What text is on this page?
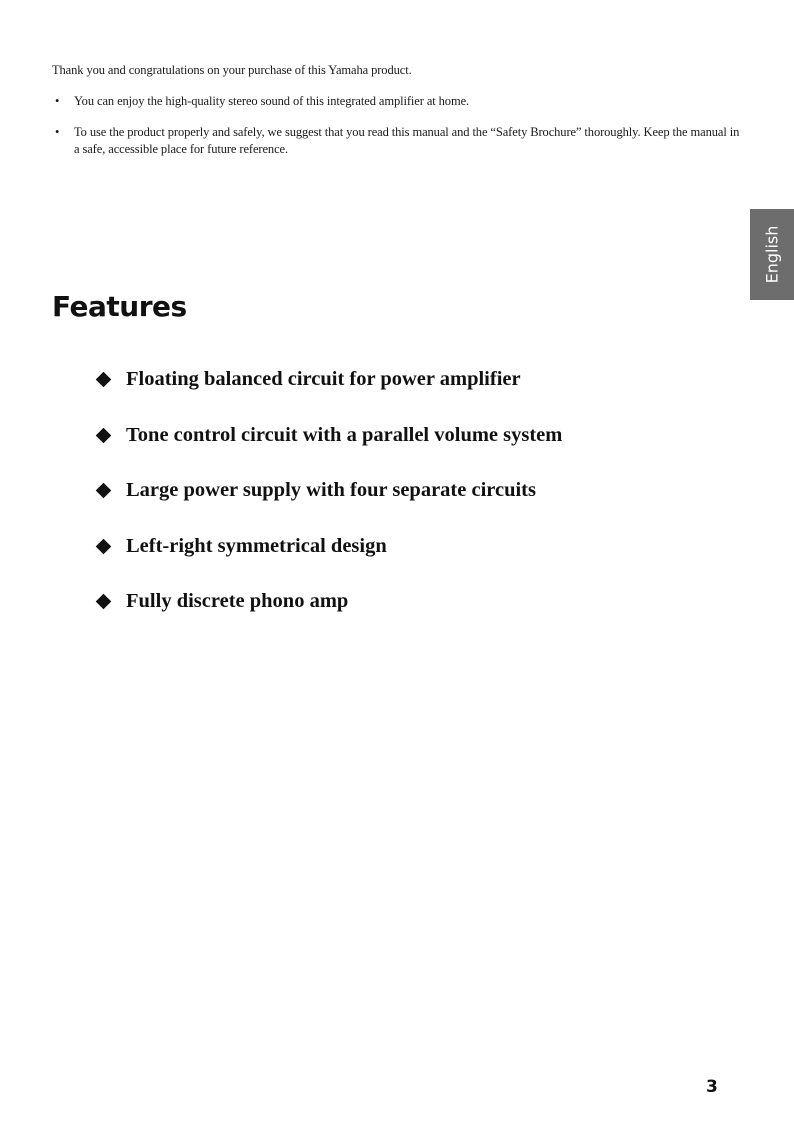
Thank you and congratulations on your purchase of this Yamaha product.

• You can enjoy the high-quality stereo sound of this integrated amplifier at home.
• To use the product properly and safely, we suggest that you read this manual and the “Safety Brochure” thoroughly. Keep the manual in a safe, accessible place for future reference.
English
Features
Floating balanced circuit for power amplifier
Tone control circuit with a parallel volume system
Large power supply with four separate circuits
Left-right symmetrical design
Fully discrete phono amp
3
